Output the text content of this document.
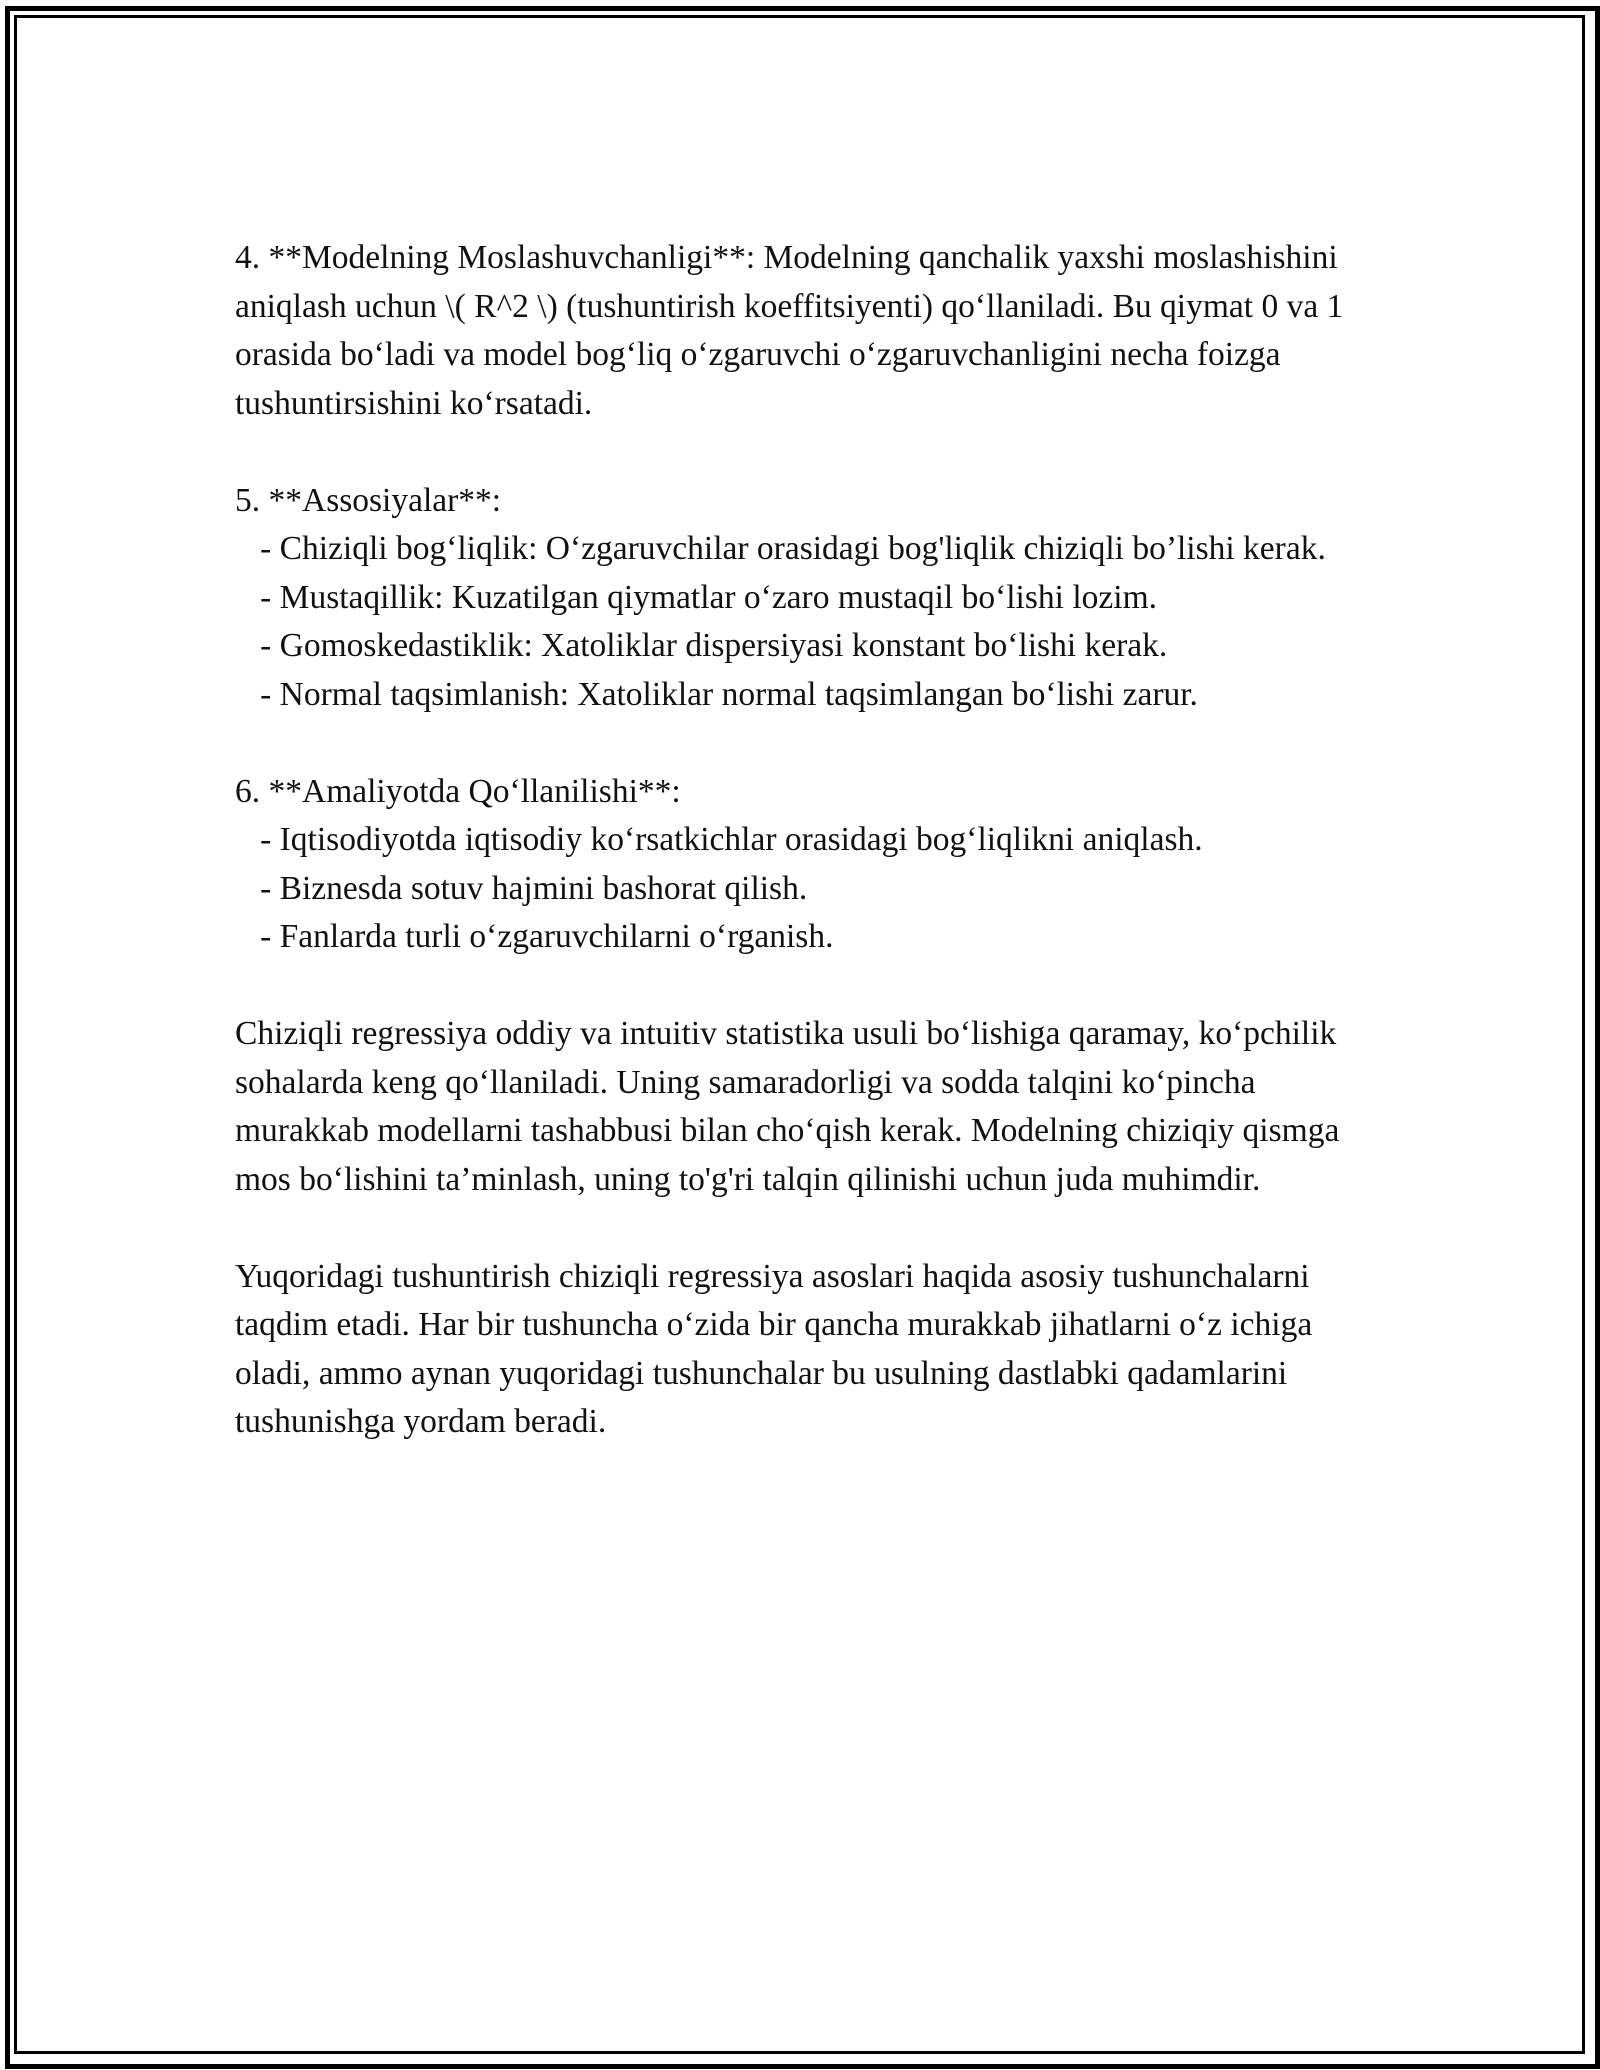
4. **Modelning Moslashuvchanligi**: Modelning qanchalik yaxshi moslashishini aniqlash uchun \( R^2 \) (tushuntirish koeffitsiyenti) qo‘llaniladi. Bu qiymat 0 va 1 orasida bo‘ladi va model bog‘liq o‘zgaruvchi o‘zgaruvchanligini necha foizga tushuntirsishini ko‘rsatadi.

5. **Assosiyalar**:

- Chiziqli bog‘liqlik: O‘zgaruvchilar orasidagi bog'liqlik chiziqli bo’lishi kerak.

- Mustaqillik: Kuzatilgan qiymatlar o‘zaro mustaqil bo‘lishi lozim.

- Gomoskedastiklik: Xatoliklar dispersiyasi konstant bo‘lishi kerak.

- Normal taqsimlanish: Xatoliklar normal taqsimlangan bo‘lishi zarur.

6. **Amaliyotda Qo‘llanilishi**:

- Iqtisodiyotda iqtisodiy ko‘rsatkichlar orasidagi bog‘liqlikni aniqlash.

- Biznesda sotuv hajmini bashorat qilish.

- Fanlarda turli o‘zgaruvchilarni o‘rganish.

Chiziqli regressiya oddiy va intuitiv statistika usuli bo‘lishiga qaramay, ko‘pchilik sohalarda keng qo‘llaniladi. Uning samaradorligi va sodda talqini ko‘pincha murakkab modellarni tashabbusi bilan cho‘qish kerak. Modelning chiziqiy qismga mos bo‘lishini ta’minlash, uning to'g'ri talqin qilinishi uchun juda muhimdir.

Yuqoridagi tushuntirish chiziqli regressiya asoslari haqida asosiy tushunchalarni taqdim etadi. Har bir tushuncha o‘zida bir qancha murakkab jihatlarni o‘z ichiga oladi, ammo aynan yuqoridagi tushunchalar bu usulning dastlabki qadamlarini tushunishga yordam beradi.
